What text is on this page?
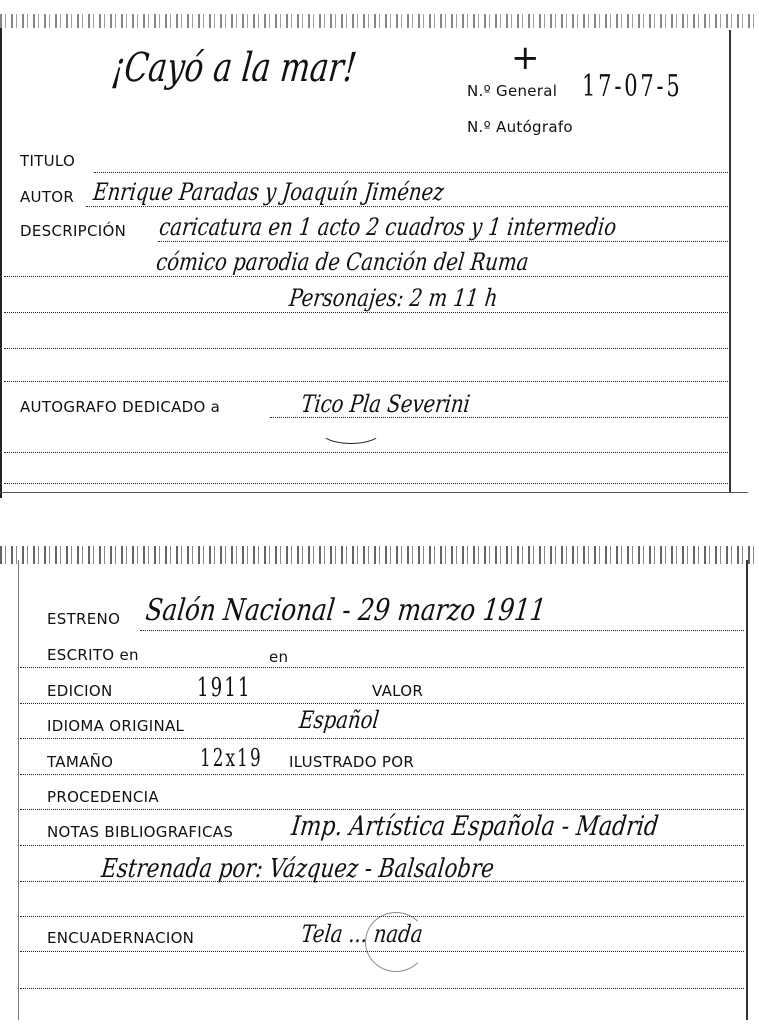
¡Cayó a la mar!	+
N.º General 17-07-5
N.º Autógrafo
TITULO
AUTOR Enrique Paradas y Joaquín Jiménez
DESCRIPCIÓN caricatura en 1 acto 2 cuadros y 1 intermedio
cómico parodia de Canción del Ruma
Personajes: 2 m 11 h
AUTOGRAFO DEDICADO a	Tico Pla Severini
ESTRENO Salón Nacional - 29 marzo 1911
ESCRITO en	en
EDICION	1911	VALOR
IDIOMA ORIGINAL	Español
TAMAÑO	12x19 ILUSTRADO POR
PROCEDENCIA
NOTAS BIBLIOGRAFICAS Imp. Artística Española - Madrid
Estrenada por: Vázquez - Balsalobre
ENCUADERNACION	Tela ... nada
